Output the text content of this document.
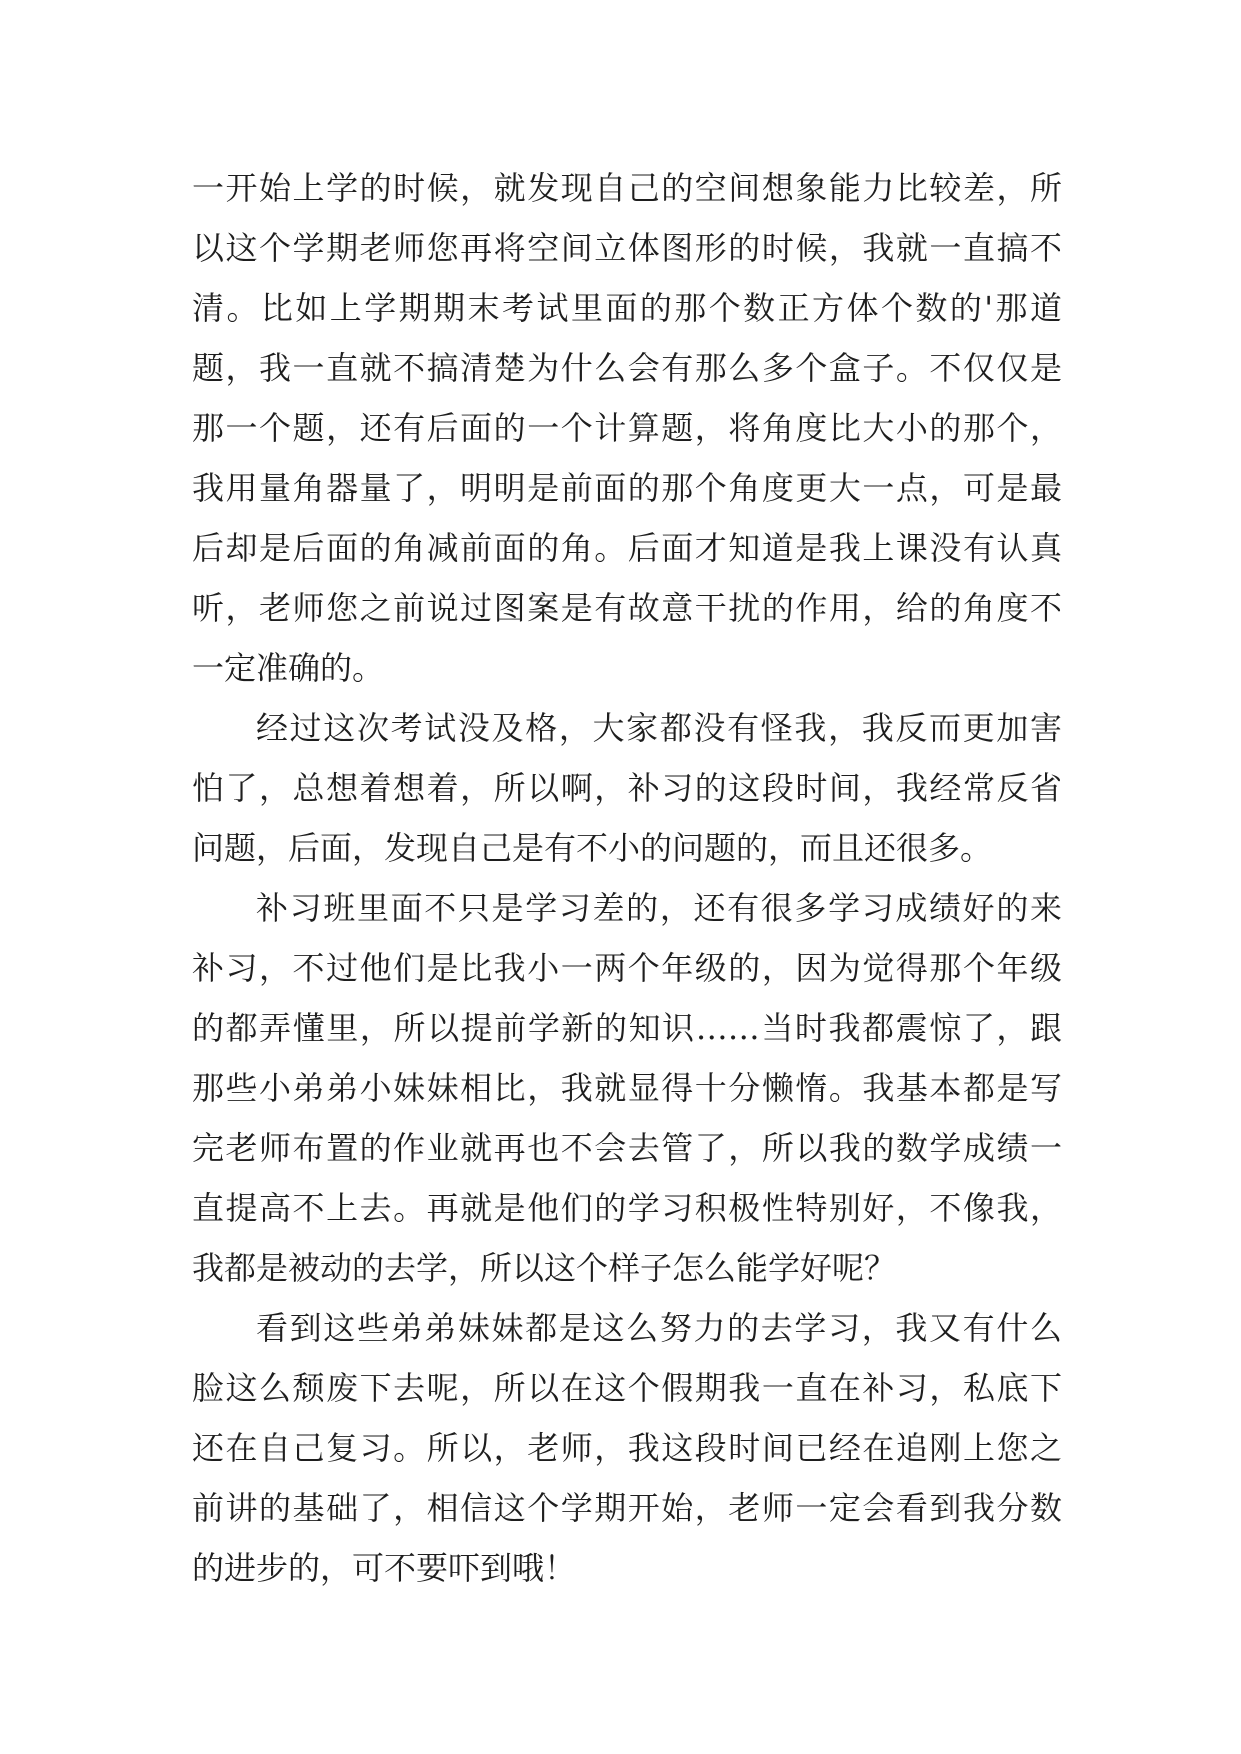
一开始上学的时候，就发现自己的空间想象能力比较差，所
以这个学期老师您再将空间立体图形的时候，我就一直搞不
清。比如上学期期末考试里面的那个数正方体个数的'那道
题，我一直就不搞清楚为什么会有那么多个盒子。不仅仅是
那一个题，还有后面的一个计算题，将角度比大小的那个，
我用量角器量了，明明是前面的那个角度更大一点，可是最
后却是后面的角减前面的角。后面才知道是我上课没有认真
听，老师您之前说过图案是有故意干扰的作用，给的角度不
一定准确的。
经过这次考试没及格，大家都没有怪我，我反而更加害
怕了，总想着想着，所以啊，补习的这段时间，我经常反省
问题，后面，发现自己是有不小的问题的，而且还很多。
补习班里面不只是学习差的，还有很多学习成绩好的来
补习，不过他们是比我小一两个年级的，因为觉得那个年级
的都弄懂里，所以提前学新的知识……当时我都震惊了，跟
那些小弟弟小妹妹相比，我就显得十分懒惰。我基本都是写
完老师布置的作业就再也不会去管了，所以我的数学成绩一
直提高不上去。再就是他们的学习积极性特别好，不像我，
我都是被动的去学，所以这个样子怎么能学好呢？
看到这些弟弟妹妹都是这么努力的去学习，我又有什么
脸这么颓废下去呢，所以在这个假期我一直在补习，私底下
还在自己复习。所以，老师，我这段时间已经在追刚上您之
前讲的基础了，相信这个学期开始，老师一定会看到我分数
的进步的，可不要吓到哦！
